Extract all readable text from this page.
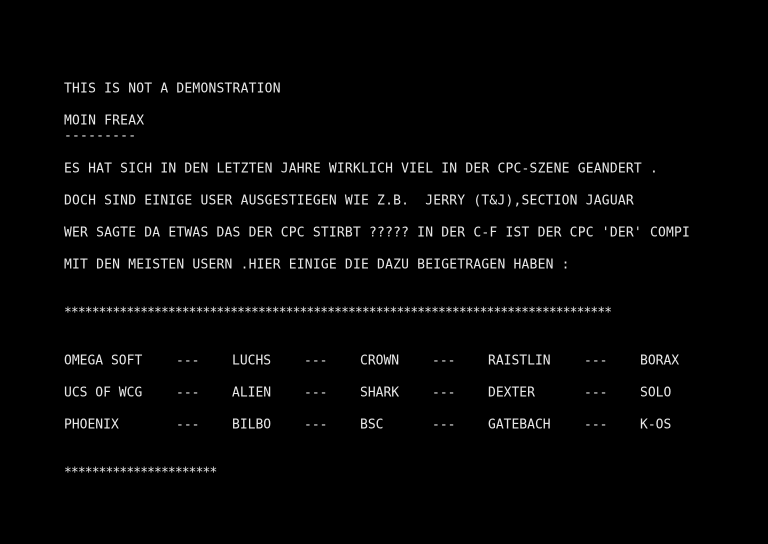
THIS IS NOT A DEMONSTRATION
MOIN FREAX
---------
ES HAT SICH IN DEN LETZTEN JAHRE WIRKLICH VIEL IN DER CPC-SZENE GEANDERT .
DOCH SIND EINIGE USER AUSGESTIEGEN WIE Z.B.  JERRY (T&J),SECTION JAGUAR
WER SAGTE DA ETWAS DAS DER CPC STIRBT ????? IN DER C-F IST DER CPC 'DER' COMPI
MIT DEN MEISTEN USERN .HIER EINIGE DIE DAZU BEIGETRAGEN HABEN :
*******************************************************************************
OMEGA SOFT	---	LUCHS	---	CROWN	---	RAISTLIN	---	BORAX
UCS OF WCG	---	ALIEN	---	SHARK	---	DEXTER	---	SOLO
PHOENIX	---	BILBO	---	BSC	---	GATEBACH	---	K-OS
**********************
